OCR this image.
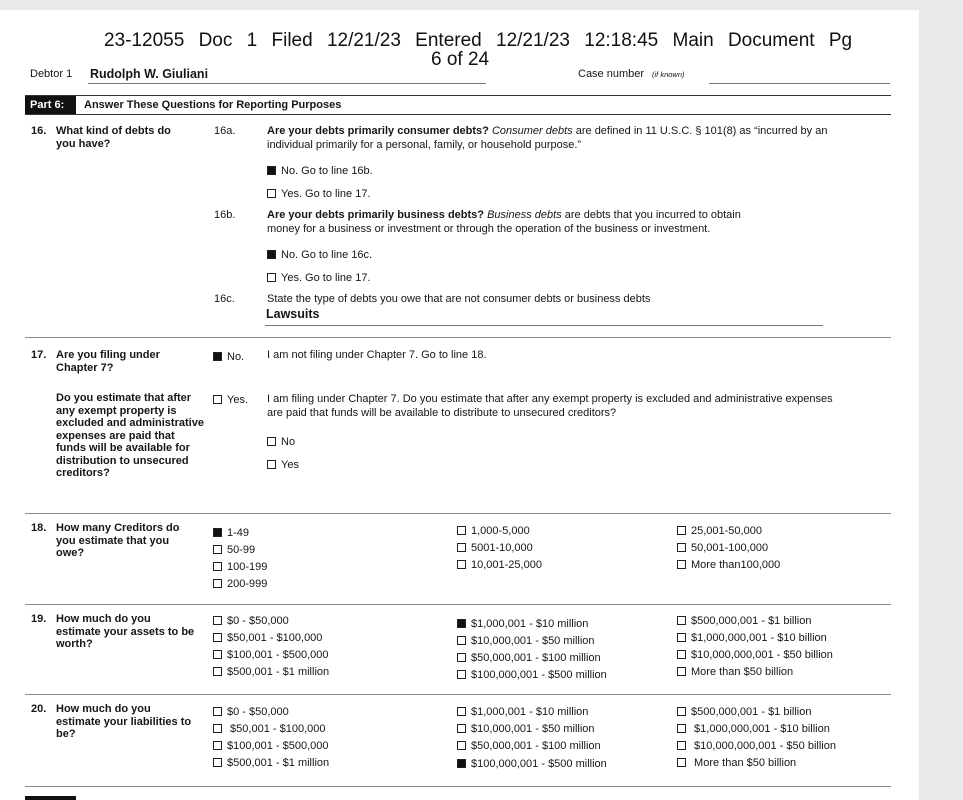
23-12055 Doc 1 Filed 12/21/23 Entered 12/21/23 12:18:45 Main Document Pg
6 of 24
Debtor 1 Rudolph W. Giuliani	Case number (if known)
Part 6:	Answer These Questions for Reporting Purposes
16. What kind of debts do you have?
16a.	Are your debts primarily consumer debts? Consumer debts are defined in 11 U.S.C. § 101(8) as “incurred by an
individual primarily for a personal, family, or household purpose.”
No. Go to line 16b.
Yes. Go to line 17.
16b.	Are your debts primarily business debts? Business debts are debts that you incurred to obtain
money for a business or investment or through the operation of the business or investment.
No. Go to line 16c.
Yes. Go to line 17.
16c.	State the type of debts you owe that are not consumer debts or business debts
Lawsuits
17. Are you filing under Chapter 7?
No. I am not filing under Chapter 7. Go to line 18.
Do you estimate that after any exempt property is excluded and administrative expenses are paid that funds will be available for distribution to unsecured creditors?
Yes. I am filing under Chapter 7. Do you estimate that after any exempt property is excluded and administrative expenses
are paid that funds will be available to distribute to unsecured creditors?
No
Yes
18. How many Creditors do you estimate that you owe?
1-49
50-99
100-199
200-999
1,000-5,000
5001-10,000
10,001-25,000
25,001-50,000
50,001-100,000
More than100,000
19. How much do you estimate your assets to be worth?
$0 - $50,000
$50,001 - $100,000
$100,001 - $500,000
$500,001 - $1 million
$1,000,001 - $10 million
$10,000,001 - $50 million
$50,000,001 - $100 million
$100,000,001 - $500 million
$500,000,001 - $1 billion
$1,000,000,001 - $10 billion
$10,000,000,001 - $50 billion
More than $50 billion
20. How much do you estimate your liabilities to be?
$0 - $50,000
$50,001 - $100,000
$100,001 - $500,000
$500,001 - $1 million
$1,000,001 - $10 million
$10,000,001 - $50 million
$50,000,001 - $100 million
$100,000,001 - $500 million
$500,000,001 - $1 billion
$1,000,000,001 - $10 billion
$10,000,000,001 - $50 billion
More than $50 billion
